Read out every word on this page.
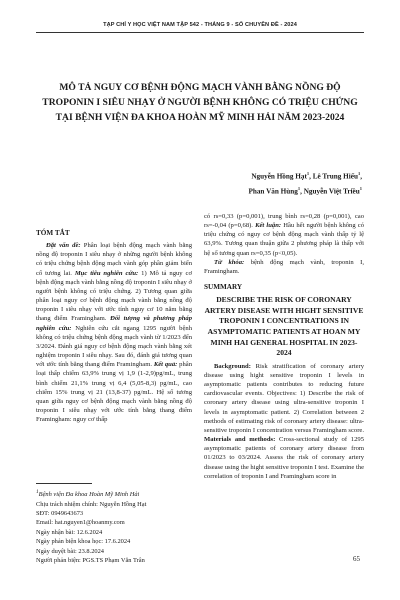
TẠP CHÍ Y HỌC VIỆT NAM TẬP 542 - THÁNG 9 - SỐ CHUYÊN ĐỀ - 2024
MÔ TẢ NGUY CƠ BỆNH ĐỘNG MẠCH VÀNH BẰNG NỒNG ĐỘ TROPONIN I SIÊU NHẠY Ở NGƯỜI BỆNH KHÔNG CÓ TRIỆU CHỨNG TẠI BỆNH VIỆN ĐA KHOA HOÀN MỸ MINH HẢI NĂM 2023-2024
Nguyễn Hồng Hạt$^1$, Lê Trung Hiếu$^1$,
Phan Văn Hùng$^1$, Nguyễn Việt Triều$^1$
TÓM TẮT

Đặt vấn đề: Phân loại bệnh động mạch vành bằng nồng độ troponin I siêu nhạy ở những người bệnh không có triệu chứng bệnh động mạch vành góp phần giảm biến cố tương lai. Mục tiêu nghiên cứu: 1) Mô tả nguy cơ bệnh động mạch vành bằng nồng độ troponin I siêu nhạy ở người bệnh không có triệu chứng. 2) Tương quan giữa phân loại nguy cơ bệnh động mạch vành bằng nồng độ troponin I siêu nhạy với ước tính nguy cơ 10 năm bằng thang điểm Framingham. Đối tượng và phương pháp nghiên cứu: Nghiên cứu cắt ngang 1295 người bệnh không có triệu chứng bệnh động mạch vành từ 1/2023 đến 3/2024. Đánh giá nguy cơ bệnh động mạch vành bằng xét nghiệm troponin I siêu nhạy. Sau đó, đánh giá tương quan với ước tính bằng thang điểm Framingham. Kết quả: phân loại thấp chiếm 63,9% trung vị 1,9 (1-2,9)pg/mL, trung bình chiếm 21,1% trung vị 6,4 (5,05-8,3) pg/mL, cao chiếm 15% trung vị 21 (13,8-37) pg/mL. Hệ số tương quan giữa nguy cơ bệnh động mạch vành bằng nồng độ troponin I siêu nhạy với ước tính bằng thang điểm Framingham: nguy cơ thấp

$^1$Bệnh viện Đa khoa Hoàn Mỹ Minh Hải
Chịu trách nhiệm chính: Nguyễn Hồng Hạt
SĐT: 0949643673
Email: hat.nguyen1@hoanmy.com
Ngày nhận bài: 12.6.2024
Ngày phản biện khoa học: 17.6.2024
Ngày duyệt bài: 23.8.2024
Người phản biện: PGS.TS Phạm Văn Trân

có rs=0,33 (p=0,001), trung bình rs=0,28 (p=0,001), cao rs=-0,04 (p=0,68). Kết luận: Hầu hết người bệnh không có triệu chứng có nguy cơ bệnh động mạch vành thấp tỷ lệ 63,9%. Tương quan thuận giữa 2 phương pháp là thấp với hệ số tương quan rs=0,35 (p<0,05).

Từ khóa: bệnh động mạch vành, troponin I, Framingham.

SUMMARY
DESCRIBE THE RISK OF CORONARY ARTERY DISEASE WITH HIGHT SENSITIVE TROPONIN I CONCENTRATIONS IN ASYMPTOMATIC PATIENTS AT HOAN MY MINH HAI GENERAL HOSPITAL IN 2023-2024

Background: Risk stratification of coronary artery disease using hight sensitive troponin I levels in asymptomatic patients contributes to reducing future cardiovascular events. Objectives: 1) Describe the risk of coronary artery disease using ultra-sensitive troponin I levels in asymptomatic patient. 2) Correlation between 2 methods of estimating risk of coronary artery disease: ultra-sensitive troponin I concentration versus Framingham score. Materials and methods: Cross-sectional study of 1295 asymptomatic patients of coronary artery disease from 01/2023 to 03/2024. Assess the risk of coronary artery disease using the hight sensitive troponin I test. Examine the correlation of troponin I and Framingham score in

65
